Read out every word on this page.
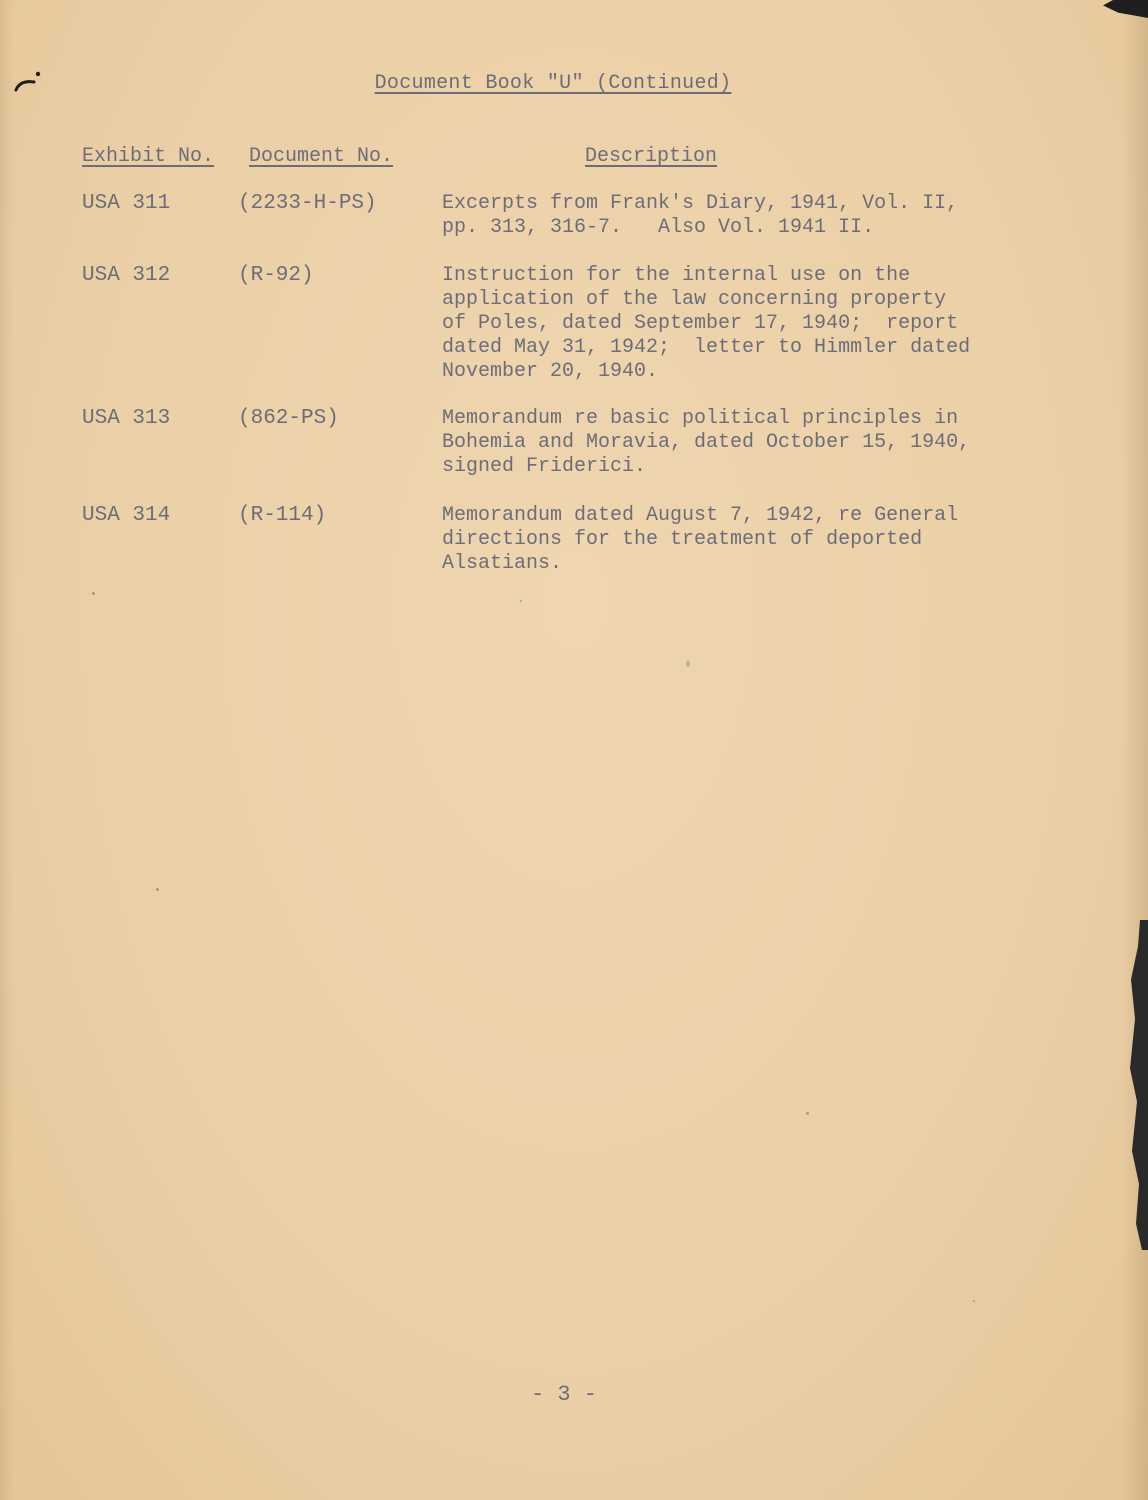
Document Book "U" (Continued)
Exhibit No. Document No.	Description
USA 311	(2233-H-PS)	Excerpts from Frank's Diary, 1941, Vol. II,
pp. 313, 316-7.   Also Vol. 1941 II.
USA 312	(R-92)	Instruction for the internal use on the
application of the law concerning property
of Poles, dated September 17, 1940;  report
dated May 31, 1942;  letter to Himmler dated
November 20, 1940.
USA 313	(862-PS)	Memorandum re basic political principles in
Bohemia and Moravia, dated October 15, 1940,
signed Friderici.
USA 314	(R-114)	Memorandum dated August 7, 1942, re General
directions for the treatment of deported
Alsatians.
- 3 -
